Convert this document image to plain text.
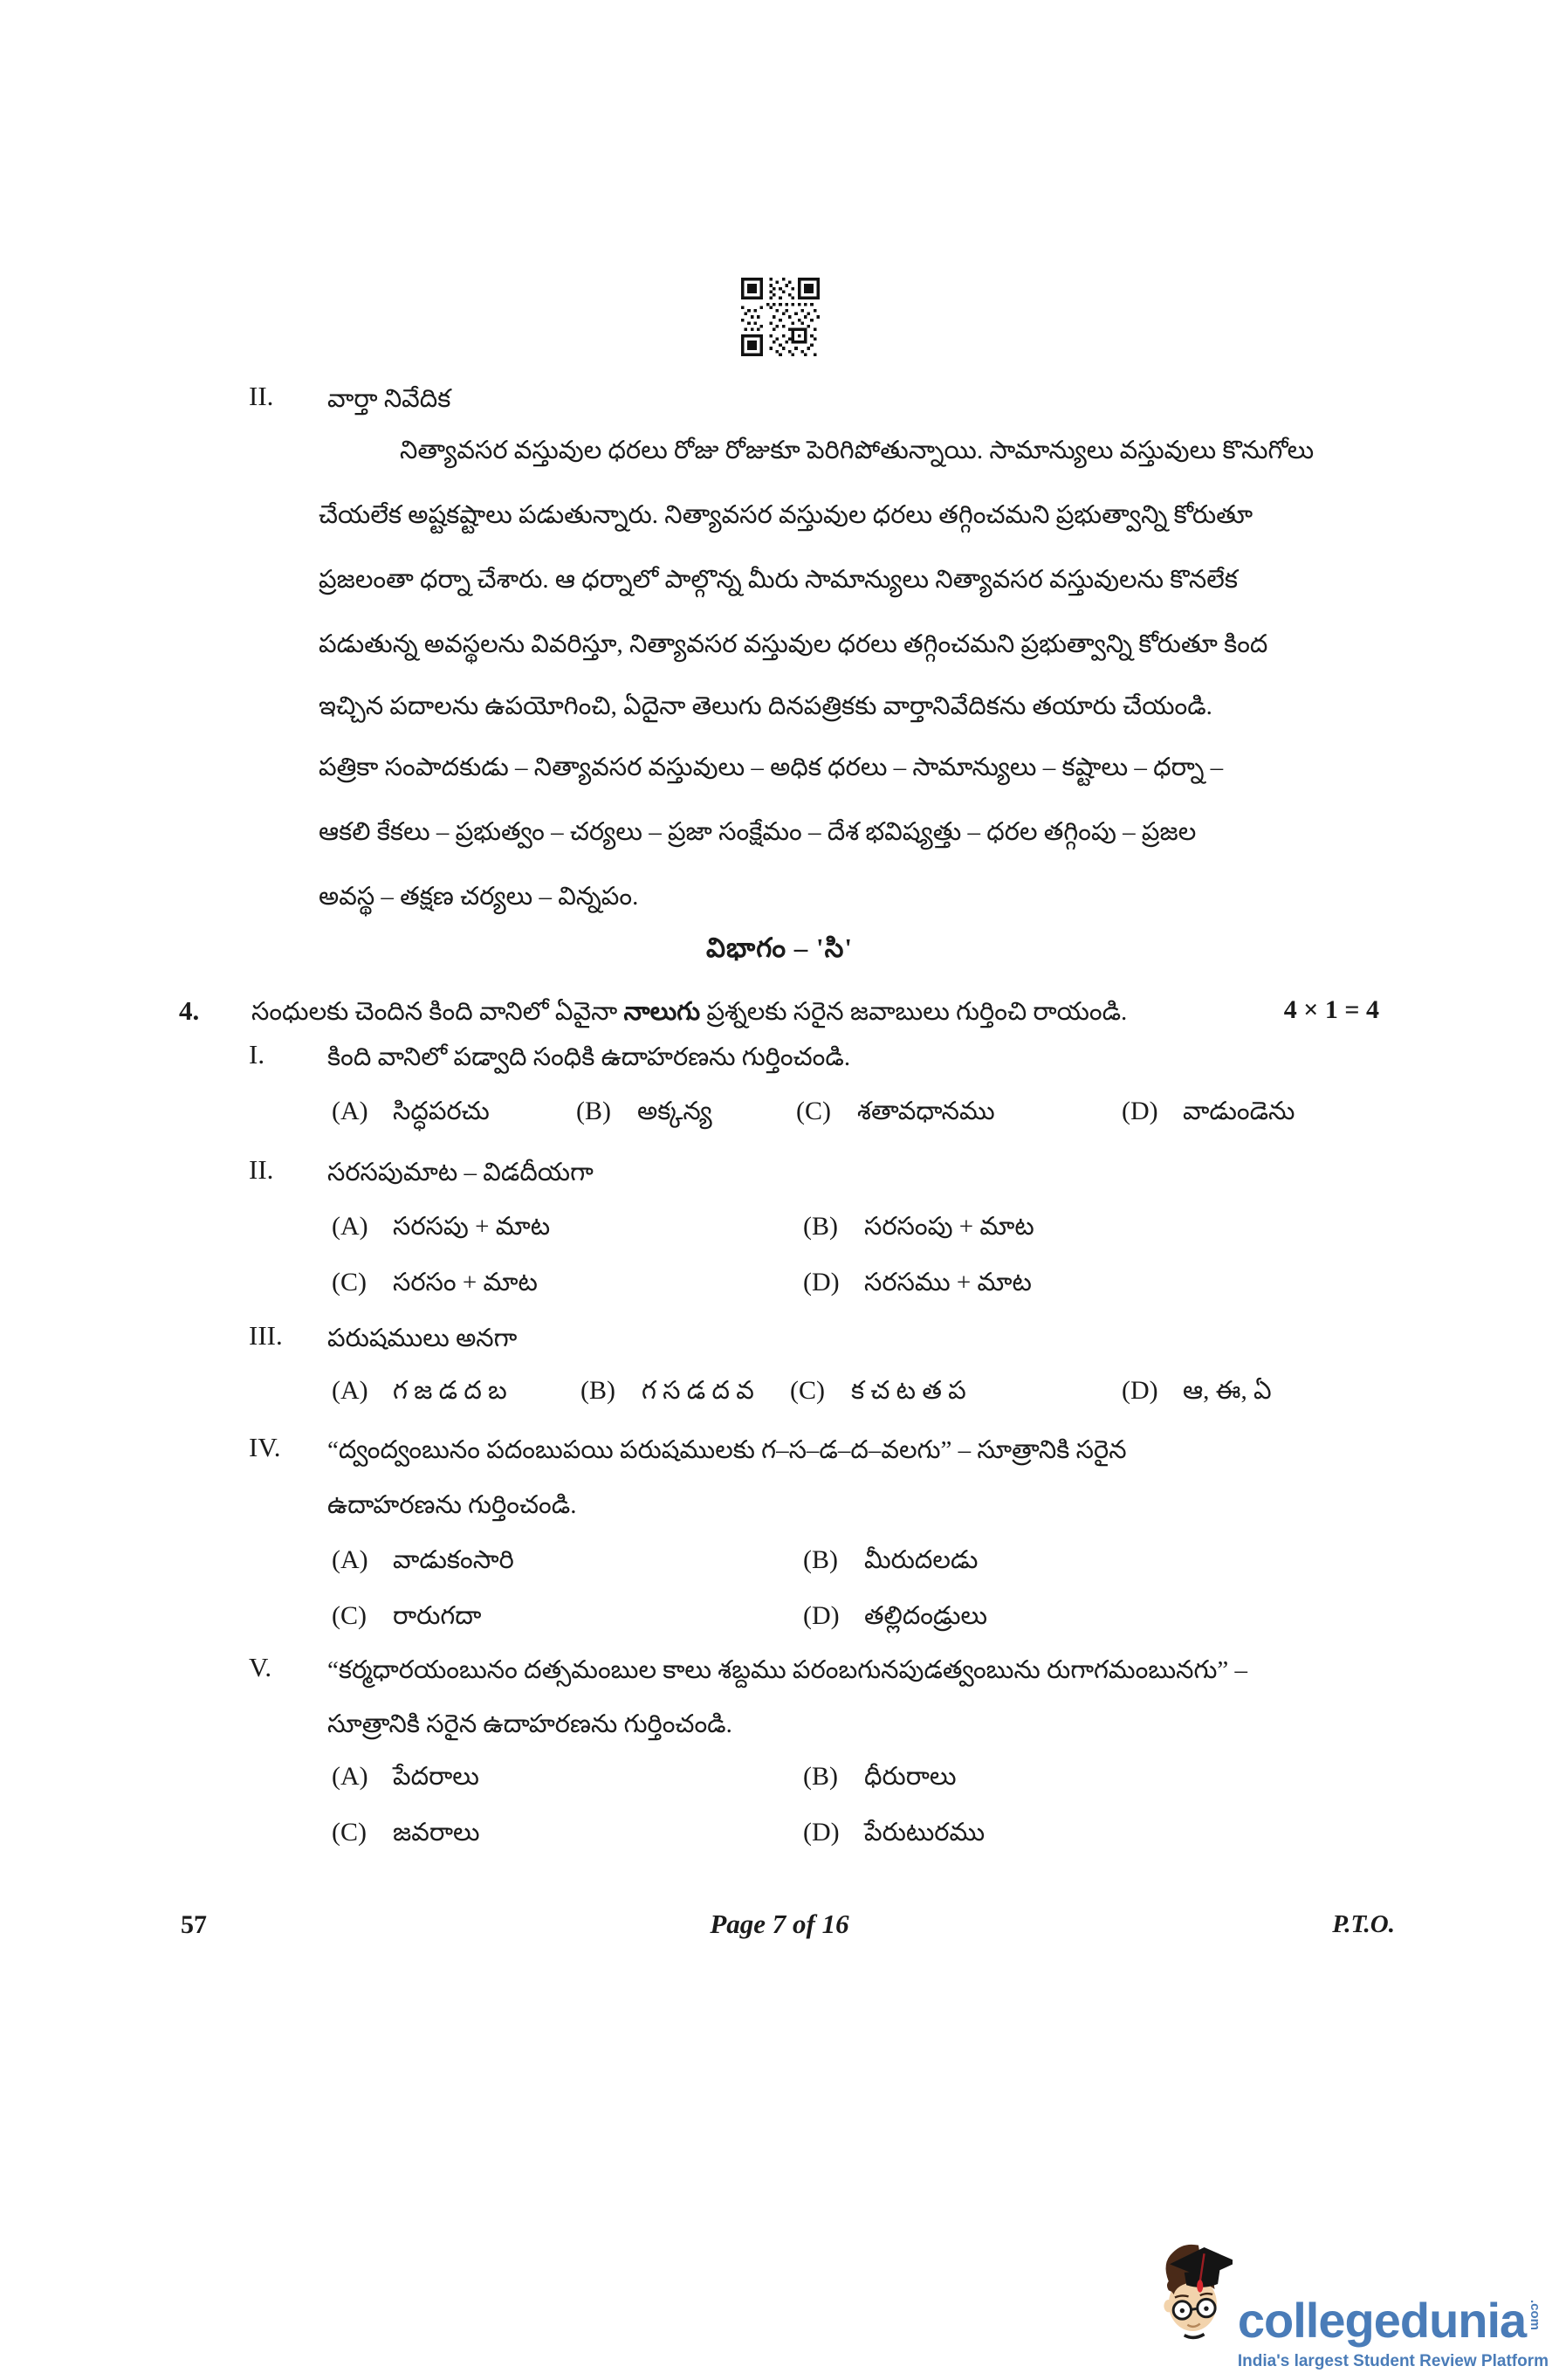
II. వార్తా నివేదిక
నిత్యావసర వస్తువుల ధరలు రోజు రోజుకూ పెరిగిపోతున్నాయి. సామాన్యులు వస్తువులు కొనుగోలు
చేయలేక అష్టకష్టాలు పడుతున్నారు. నిత్యావసర వస్తువుల ధరలు తగ్గించమని ప్రభుత్వాన్ని కోరుతూ
ప్రజలంతా ధర్నా చేశారు. ఆ ధర్నాలో పాల్గొన్న మీరు సామాన్యులు నిత్యావసర వస్తువులను కొనలేక
పడుతున్న అవస్థలను వివరిస్తూ, నిత్యావసర వస్తువుల ధరలు తగ్గించమని ప్రభుత్వాన్ని కోరుతూ కింద
ఇచ్చిన పదాలను ఉపయోగించి, ఏదైనా తెలుగు దినపత్రికకు వార్తానివేదికను తయారు చేయండి.
పత్రికా సంపాదకుడు – నిత్యావసర వస్తువులు – అధిక ధరలు – సామాన్యులు – కష్టాలు – ధర్నా –
ఆకలి కేకలు – ప్రభుత్వం – చర్యలు – ప్రజా సంక్షేమం – దేశ భవిష్యత్తు – ధరల తగ్గింపు – ప్రజల
అవస్థ – తక్షణ చర్యలు – విన్నపం.
విభాగం – 'సి'
4. సంధులకు చెందిన కింది వానిలో ఏవైనా నాలుగు ప్రశ్నలకు సరైన జవాబులు గుర్తించి రాయండి.	4 × 1 = 4
I. కింది వానిలో పడ్వాది సంధికి ఉదాహరణను గుర్తించండి.
(A) సిద్ధపరచు	(B) అక్కన్య	(C) శతావధానము	(D) వాడుండెను
II. సరసపుమాట – విడదీయగా
(A) సరసపు + మాట	(B) సరసంపు + మాట
(C) సరసం + మాట	(D) సరసము + మాట
III. పరుషములు అనగా
(A) గ జ డ ద బ	(B) గ స డ ద వ (C) క చ ట త ప	(D) ఆ, ఈ, ఏ
IV. “ద్వంద్వంబునం పదంబుపయి పరుషములకు గ–స–డ–ద–వలగు” – సూత్రానికి సరైన
ఉదాహరణను గుర్తించండి.
(A) వాడుకంసారి	(B) మీరుదలడు
(C) రారుగదా	(D) తల్లిదండ్రులు
V. “కర్మధారయంబునం దత్సమంబుల కాలు శబ్దము పరంబగునపుడత్వంబును రుగాగమంబునగు” –
సూత్రానికి సరైన ఉదాహరణను గుర్తించండి.
(A) పేదరాలు	(B) ధీరురాలు
(C) జవరాలు	(D) పేరుటురము
57	Page 7 of 16	P.T.O.
collegedunia .com
India's largest Student Review Platform
